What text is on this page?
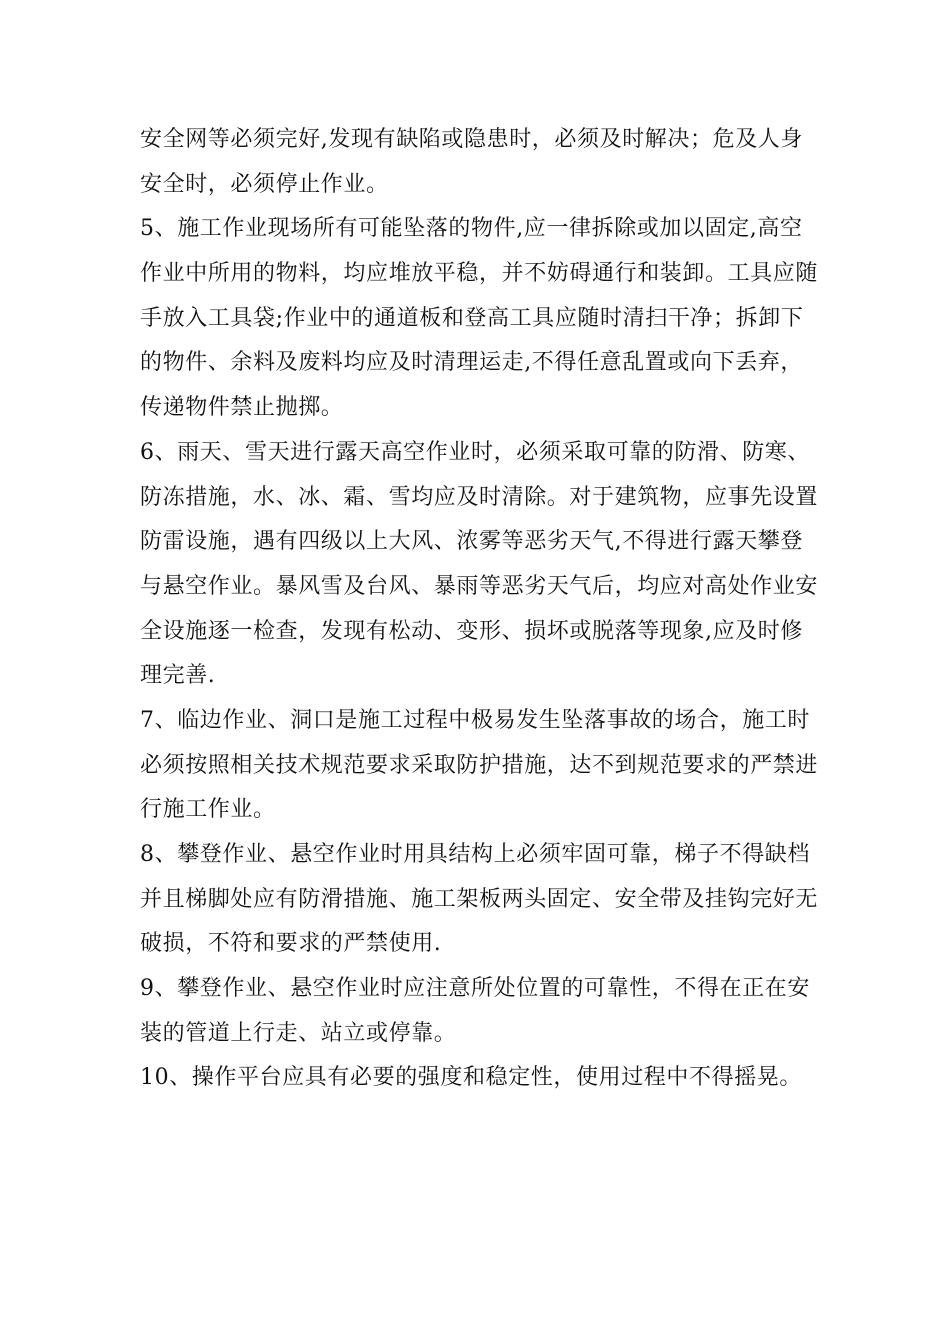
安全网等必须完好,发现有缺陷或隐患时，必须及时解决；危及人身
安全时，必须停止作业。
5、施工作业现场所有可能坠落的物件,应一律拆除或加以固定,高空
作业中所用的物料，均应堆放平稳，并不妨碍通行和装卸。工具应随
手放入工具袋;作业中的通道板和登高工具应随时清扫干净；拆卸下
的物件、余料及废料均应及时清理运走,不得任意乱置或向下丢弃，
传递物件禁止抛掷。
6、雨天、雪天进行露天高空作业时，必须采取可靠的防滑、防寒、
防冻措施，水、冰、霜、雪均应及时清除。对于建筑物，应事先设置
防雷设施，遇有四级以上大风、浓雾等恶劣天气,不得进行露天攀登
与悬空作业。暴风雪及台风、暴雨等恶劣天气后，均应对高处作业安
全设施逐一检查，发现有松动、变形、损坏或脱落等现象,应及时修
理完善.
7、临边作业、洞口是施工过程中极易发生坠落事故的场合，施工时
必须按照相关技术规范要求采取防护措施，达不到规范要求的严禁进
行施工作业。
8、攀登作业、悬空作业时用具结构上必须牢固可靠，梯子不得缺档
并且梯脚处应有防滑措施、施工架板两头固定、安全带及挂钩完好无
破损，不符和要求的严禁使用.
9、攀登作业、悬空作业时应注意所处位置的可靠性，不得在正在安
装的管道上行走、站立或停靠。
10、操作平台应具有必要的强度和稳定性，使用过程中不得摇晃。
